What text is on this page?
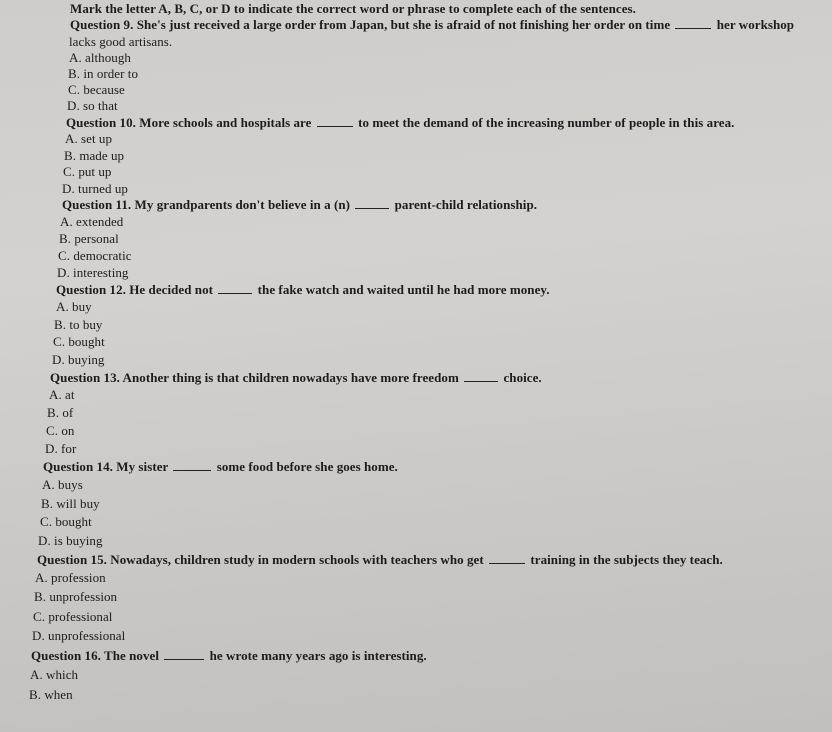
Mark the letter A, B, C, or D to indicate the correct word or phrase to complete each of the sentences.
Question 9. She's just received a large order from Japan, but she is afraid of not finishing her order on time	her workshop
lacks good artisans.
A. although
B. in order to
C. because
D. so that
Question 10. More schools and hospitals are	to meet the demand of the increasing number of people in this area.
A. set up
B. made up
C. put up
D. turned up
Question 11. My grandparents don't believe in a (n)	parent-child relationship.
A. extended
B. personal
C. democratic
D. interesting
Question 12. He decided not	the fake watch and waited until he had more money.
A. buy
B. to buy
C. bought
D. buying
Question 13. Another thing is that children nowadays have more freedom	choice.
A. at
B. of
C. on
D. for
Question 14. My sister	some food before she goes home.
A. buys
B. will buy
C. bought
D. is buying
Question 15. Nowadays, children study in modern schools with teachers who get	training in the subjects they teach.
A. profession
B. unprofession
C. professional
D. unprofessional
Question 16. The novel	he wrote many years ago is interesting.
A. which
B. when
